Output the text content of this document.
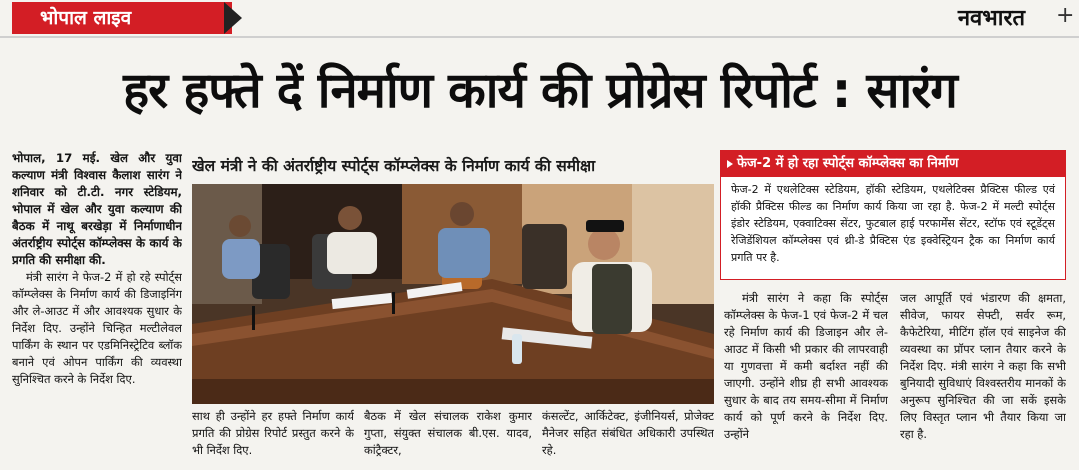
भोपाल लाइव	नवभारत +
हर हफ्ते दें निर्माण कार्य की प्रोग्रेस रिपोर्ट : सारंग

भोपाल, 17 मई. खेल और युवा कल्याण मंत्री विश्वास कैलाश सारंग ने शनिवार को टी.टी. नगर स्टेडियम, भोपाल में खेल और युवा कल्याण की बैठक में नाथू बरखेड़ा में निर्माणाधीन अंतर्राष्ट्रीय स्पोर्ट्स कॉम्प्लेक्स के कार्य के प्रगति की समीक्षा की.

मंत्री सारंग ने फेज-2 में हो रहे स्पोर्ट्स कॉम्प्लेक्स के निर्माण कार्य की डिजाइनिंग और ले-आउट में और आवश्यक सुधार के निर्देश दिए. उन्होंने चिन्हित मल्टीलेवल पार्किंग के स्थान पर एडमिनिस्ट्रेटिव ब्लॉक बनाने एवं ओपन पार्किंग की व्यवस्था सुनिश्चित करने के निर्देश दिए.

खेल मंत्री ने की अंतर्राष्ट्रीय स्पोर्ट्स कॉम्प्लेक्स के निर्माण कार्य की समीक्षा
साथ ही उन्होंने हर हफ्ते निर्माण कार्य प्रगति की प्रोग्रेस रिपोर्ट प्रस्तुत करने के भी निर्देश दिए.
बैठक में खेल संचालक राकेश कुमार गुप्ता, संयुक्त संचालक बी.एस. यादव, कांट्रैक्टर,
कंसल्टेंट, आर्किटेक्ट, इंजीनियर्स, प्रोजेक्ट मैनेजर सहित संबंधित अधिकारी उपस्थित रहे.
फेज-2 में हो रहा स्पोर्ट्स कॉम्प्लेक्स का निर्माण
फेज-2 में एथलेटिक्स स्टेडियम, हॉकी स्टेडियम, एथलेटिक्स प्रैक्टिस फील्ड एवं हॉकी प्रैक्टिस फील्ड का निर्माण कार्य किया जा रहा है. फेज-2 में मल्टी स्पोर्ट्स इंडोर स्टेडियम, एक्वाटिक्स सेंटर, फुटबाल हाई परफार्मेंस सेंटर, स्टॉफ एवं स्टूडेंट्स रेजिडेंशियल कॉम्प्लेक्स एवं थ्री-डे प्रैक्टिस एंड इक्वेस्ट्रियन ट्रैक का निर्माण कार्य प्रगति पर है.

मंत्री सारंग ने कहा कि स्पोर्ट्स कॉम्प्लेक्स के फेज-1 एवं फेज-2 में चल रहे निर्माण कार्य की डिजाइन और ले-आउट में किसी भी प्रकार की लापरवाही या गुणवत्ता में कमी बर्दाश्त नहीं की जाएगी. उन्होंने शीघ्र ही सभी आवश्यक सुधार के बाद तय समय-सीमा में निर्माण कार्य को पूर्ण करने के निर्देश दिए. उन्होंने

जल आपूर्ति एवं भंडारण की क्षमता, सीवेज, फायर सेफ्टी, सर्वर रूम, कैफेटेरिया, मीटिंग हॉल एवं साइनेज की व्यवस्था का प्रॉपर प्लान तैयार करने के निर्देश दिए. मंत्री सारंग ने कहा कि सभी बुनियादी सुविधाएं विश्वस्तरीय मानकों के अनुरूप सुनिश्चित की जा सकें इसके लिए विस्तृत प्लान भी तैयार किया जा रहा है.
